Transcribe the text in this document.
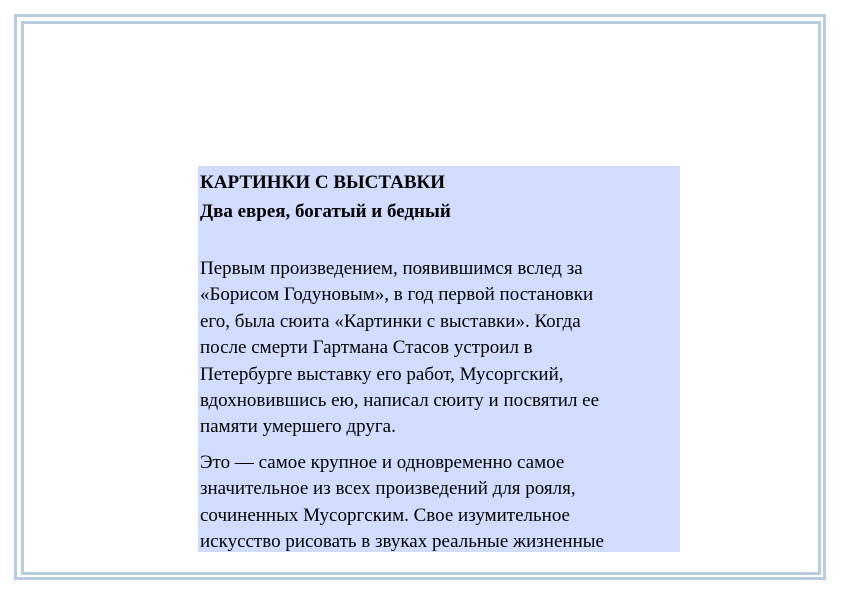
КАРТИНКИ С ВЫСТАВКИ
Два еврея, богатый и бедный

Первым произведением, появившимся вслед за
«Борисом Годуновым», в год первой постановки
его, была сюита «Картинки с выставки». Когда
после смерти Гартмана Стасов устроил в
Петербурге выставку его работ, Мусоргский,
вдохновившись ею, написал сюиту и посвятил ее
памяти умершего друга.

Это — самое крупное и одновременно самое
значительное из всех произведений для рояля,
сочиненных Мусоргским. Свое изумительное
искусство рисовать в звуках реальные жизненные
